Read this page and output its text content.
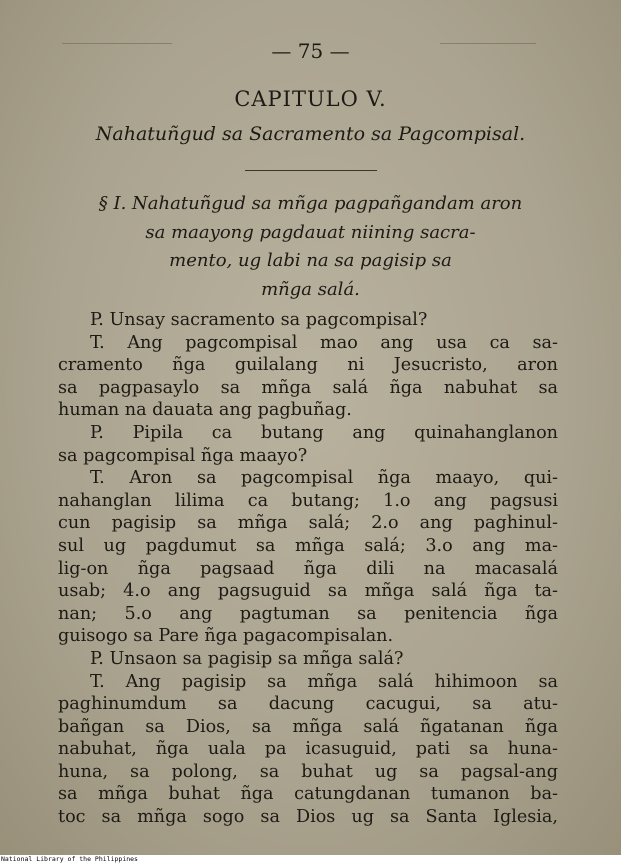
— 75 —
CAPITULO V.
Nahatuñgud sa Sacramento sa Pagcompisal.
§ I. Nahatuñgud sa mñga pagpañgandam aron
sa maayong pagdauat niining sacra-
mento, ug labi na sa pagisip sa
mñga salá.
P. Unsay sacramento sa pagcompisal?
T. Ang pagcompisal mao ang usa ca sa-
cramento ñga guilalang ni Jesucristo, aron
sa pagpasaylo sa mñga salá ñga nabuhat sa
human na dauata ang pagbuñag.
P. Pipila ca butang ang quinahanglanon
sa pagcompisal ñga maayo?
T. Aron sa pagcompisal ñga maayo, qui-
nahanglan lilima ca butang; 1.o ang pagsusi
cun pagisip sa mñga salá; 2.o ang paghinul-
sul ug pagdumut sa mñga salá; 3.o ang ma-
lig-on ñga pagsaad ñga dili na macasalá
usab; 4.o ang pagsuguid sa mñga salá ñga ta-
nan; 5.o ang pagtuman sa penitencia ñga
guisogo sa Pare ñga pagacompisalan.
P. Unsaon sa pagisip sa mñga salá?
T. Ang pagisip sa mñga salá hihimoon sa
paghinumdum sa dacung cacugui, sa atu-
bañgan sa Dios, sa mñga salá ñgatanan ñga
nabuhat, ñga uala pa icasuguid, pati sa huna-
huna, sa polong, sa buhat ug sa pagsal-ang
sa mñga buhat ñga catungdanan tumanon ba-
toc sa mñga sogo sa Dios ug sa Santa Iglesia,
National Library of the Philippines
